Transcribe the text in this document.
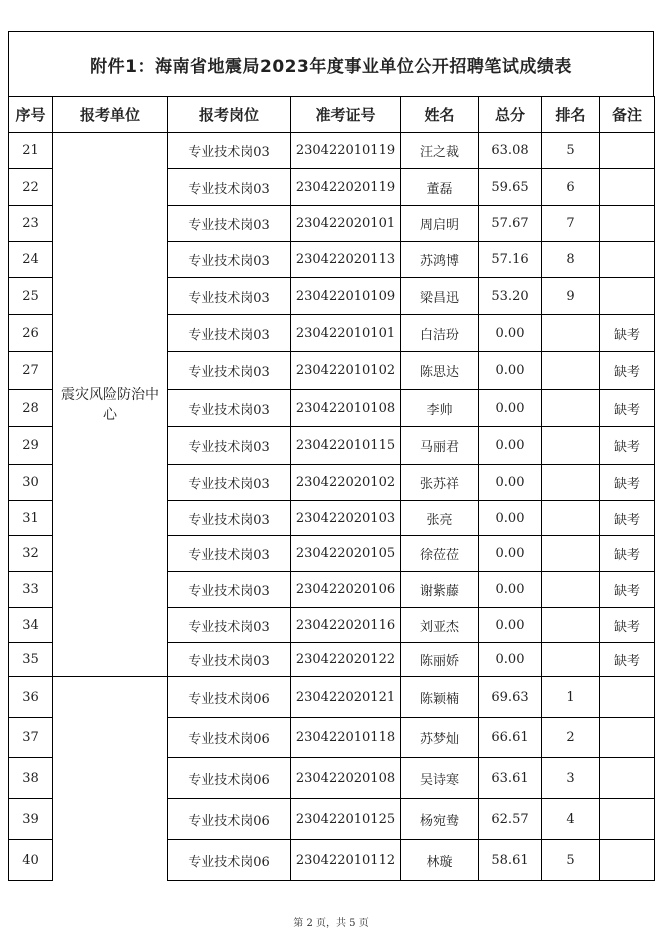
附件1：海南省地震局2023年度事业单位公开招聘笔试成绩表
序号	报考单位	报考岗位	准考证号	姓名	总分	排名	备注
21	震灾风险防治中心	专业技术岗03	230422010119	汪之裁	63.08	5	
22		专业技术岗03	230422020119	董磊	59.65	6	
23		专业技术岗03	230422020101	周启明	57.67	7	
24		专业技术岗03	230422020113	苏鸿博	57.16	8	
25		专业技术岗03	230422010109	梁昌迅	53.20	9	
26		专业技术岗03	230422010101	白洁玢	0.00		缺考
27		专业技术岗03	230422010102	陈思达	0.00		缺考
28		专业技术岗03	230422010108	李帅	0.00		缺考
29		专业技术岗03	230422010115	马丽君	0.00		缺考
30		专业技术岗03	230422020102	张苏祥	0.00		缺考
31		专业技术岗03	230422020103	张亮	0.00		缺考
32		专业技术岗03	230422020105	徐莅莅	0.00		缺考
33		专业技术岗03	230422020106	谢紫藤	0.00		缺考
34		专业技术岗03	230422020116	刘亚杰	0.00		缺考
35		专业技术岗03	230422020122	陈丽娇	0.00		缺考
36		专业技术岗06	230422020121	陈颖楠	69.63	1	
37		专业技术岗06	230422010118	苏梦灿	66.61	2	
38		专业技术岗06	230422020108	吴诗寒	63.61	3	
39		专业技术岗06	230422010125	杨宛鸯	62.57	4	
40		专业技术岗06	230422010112	林璇	58.61	5	
第 2 页，共 5 页
